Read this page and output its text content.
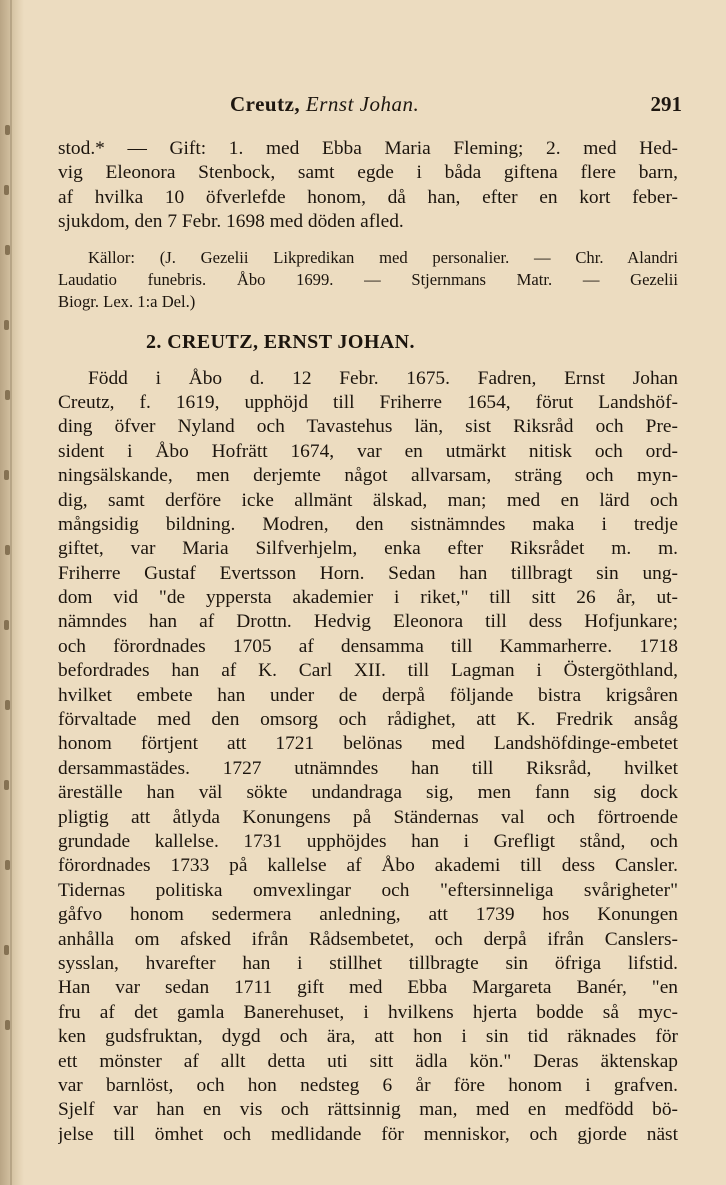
Creutz, Ernst Johan.	291
stod.* — Gift: 1. med Ebba Maria Fleming; 2. med Hed-
vig Eleonora Stenbock, samt egde i båda giftena flere barn,
af hvilka 10 öfverlefde honom, då han, efter en kort feber-
sjukdom, den 7 Febr. 1698 med döden afled.
Källor: (J. Gezelii Likpredikan med personalier. — Chr. Alandri
Laudatio funebris. Åbo 1699. — Stjernmans Matr. — Gezelii
Biogr. Lex. 1:a Del.)
2. CREUTZ, ERNST JOHAN.
Född i Åbo d. 12 Febr. 1675. Fadren, Ernst Johan
Creutz, f. 1619, upphöjd till Friherre 1654, förut Landshöf-
ding öfver Nyland och Tavastehus län, sist Riksråd och Pre-
sident i Åbo Hofrätt 1674, var en utmärkt nitisk och ord-
ningsälskande, men derjemte något allvarsam, sträng och myn-
dig, samt derföre icke allmänt älskad, man; med en lärd och
mångsidig bildning. Modren, den sistnämndes maka i tredje
giftet, var Maria Silfverhjelm, enka efter Riksrådet m. m.
Friherre Gustaf Evertsson Horn. Sedan han tillbragt sin ung-
dom vid "de yppersta akademier i riket," till sitt 26 år, ut-
nämndes han af Drottn. Hedvig Eleonora till dess Hofjunkare;
och förordnades 1705 af densamma till Kammarherre. 1718
befordrades han af K. Carl XII. till Lagman i Östergöthland,
hvilket embete han under de derpå följande bistra krigsåren
förvaltade med den omsorg och rådighet, att K. Fredrik ansåg
honom förtjent att 1721 belönas med Landshöfdinge-embetet
dersammastädes. 1727 utnämndes han till Riksråd, hvilket
äreställe han väl sökte undandraga sig, men fann sig dock
pligtig att åtlyda Konungens på Ständernas val och förtroende
grundade kallelse. 1731 upphöjdes han i Grefligt stånd, och
förordnades 1733 på kallelse af Åbo akademi till dess Cansler.
Tidernas politiska omvexlingar och "eftersinneliga svårigheter"
gåfvo honom sedermera anledning, att 1739 hos Konungen
anhålla om afsked ifrån Rådsembetet, och derpå ifrån Canslers-
sysslan, hvarefter han i stillhet tillbragte sin öfriga lifstid.
Han var sedan 1711 gift med Ebba Margareta Banér, "en
fru af det gamla Banerehuset, i hvilkens hjerta bodde så myc-
ken gudsfruktan, dygd och ära, att hon i sin tid räknades för
ett mönster af allt detta uti sitt ädla kön." Deras äktenskap
var barnlöst, och hon nedsteg 6 år före honom i grafven.
Sjelf var han en vis och rättsinnig man, med en medfödd bö-
jelse till ömhet och medlidande för menniskor, och gjorde näst
